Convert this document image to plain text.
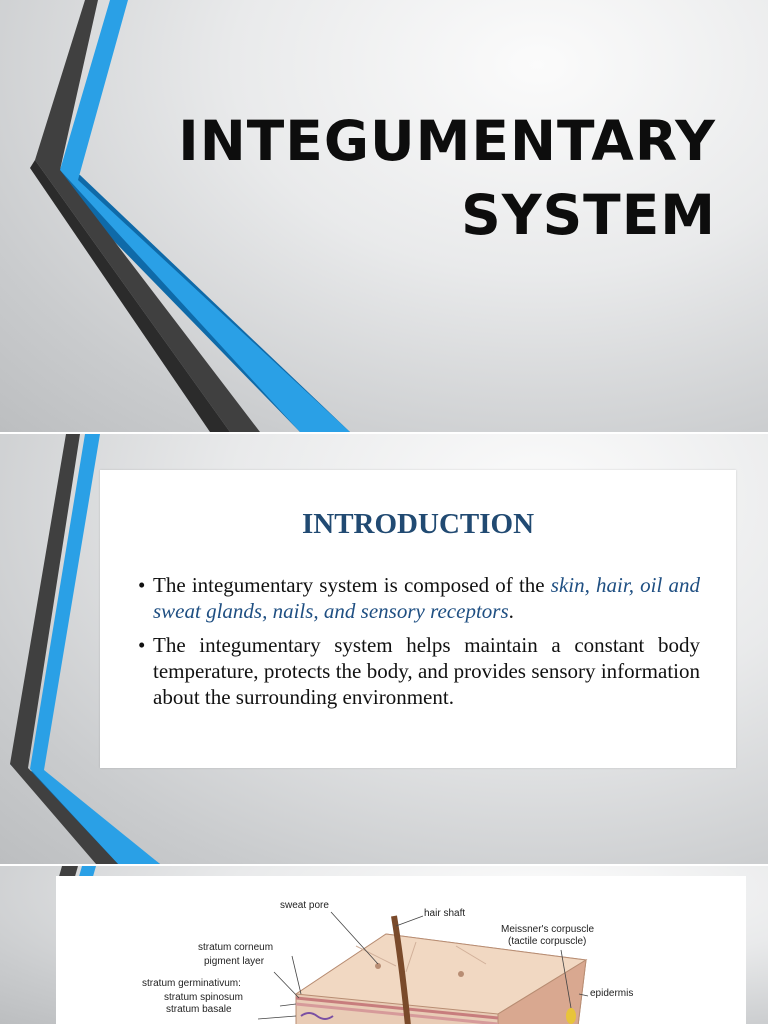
INTEGUMENTARY
SYSTEM
INTRODUCTION
• The integumentary system is composed of the skin, hair, oil and sweat glands, nails, and sensory receptors.
• The integumentary system helps maintain a constant body temperature, protects the body, and provides sensory information about the surrounding environment.
sweat pore
hair shaft
Meissner's corpuscle
(tactile corpuscle)
stratum corneum
pigment layer
stratum germinativum:
stratum spinosum
stratum basale
epidermis
